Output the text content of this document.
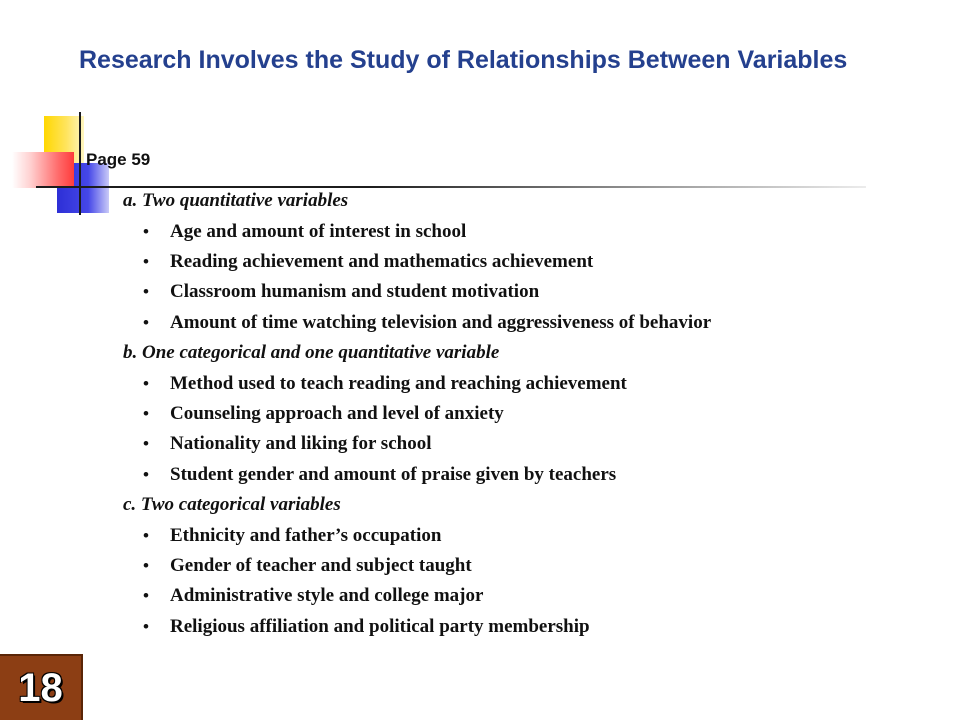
Research Involves the Study of Relationships Between Variables
Page 59
a. Two quantitative variables
• Age and amount of interest in school
• Reading achievement and mathematics achievement
• Classroom humanism and student motivation
• Amount of time watching television and aggressiveness of behavior
b. One categorical and one quantitative variable
• Method used to teach reading and reaching achievement
• Counseling approach and level of anxiety
• Nationality and liking for school
• Student gender and amount of praise given by teachers
c. Two categorical variables
• Ethnicity and father’s occupation
• Gender of teacher and subject taught
• Administrative style and college major
• Religious affiliation and political party membership
18
